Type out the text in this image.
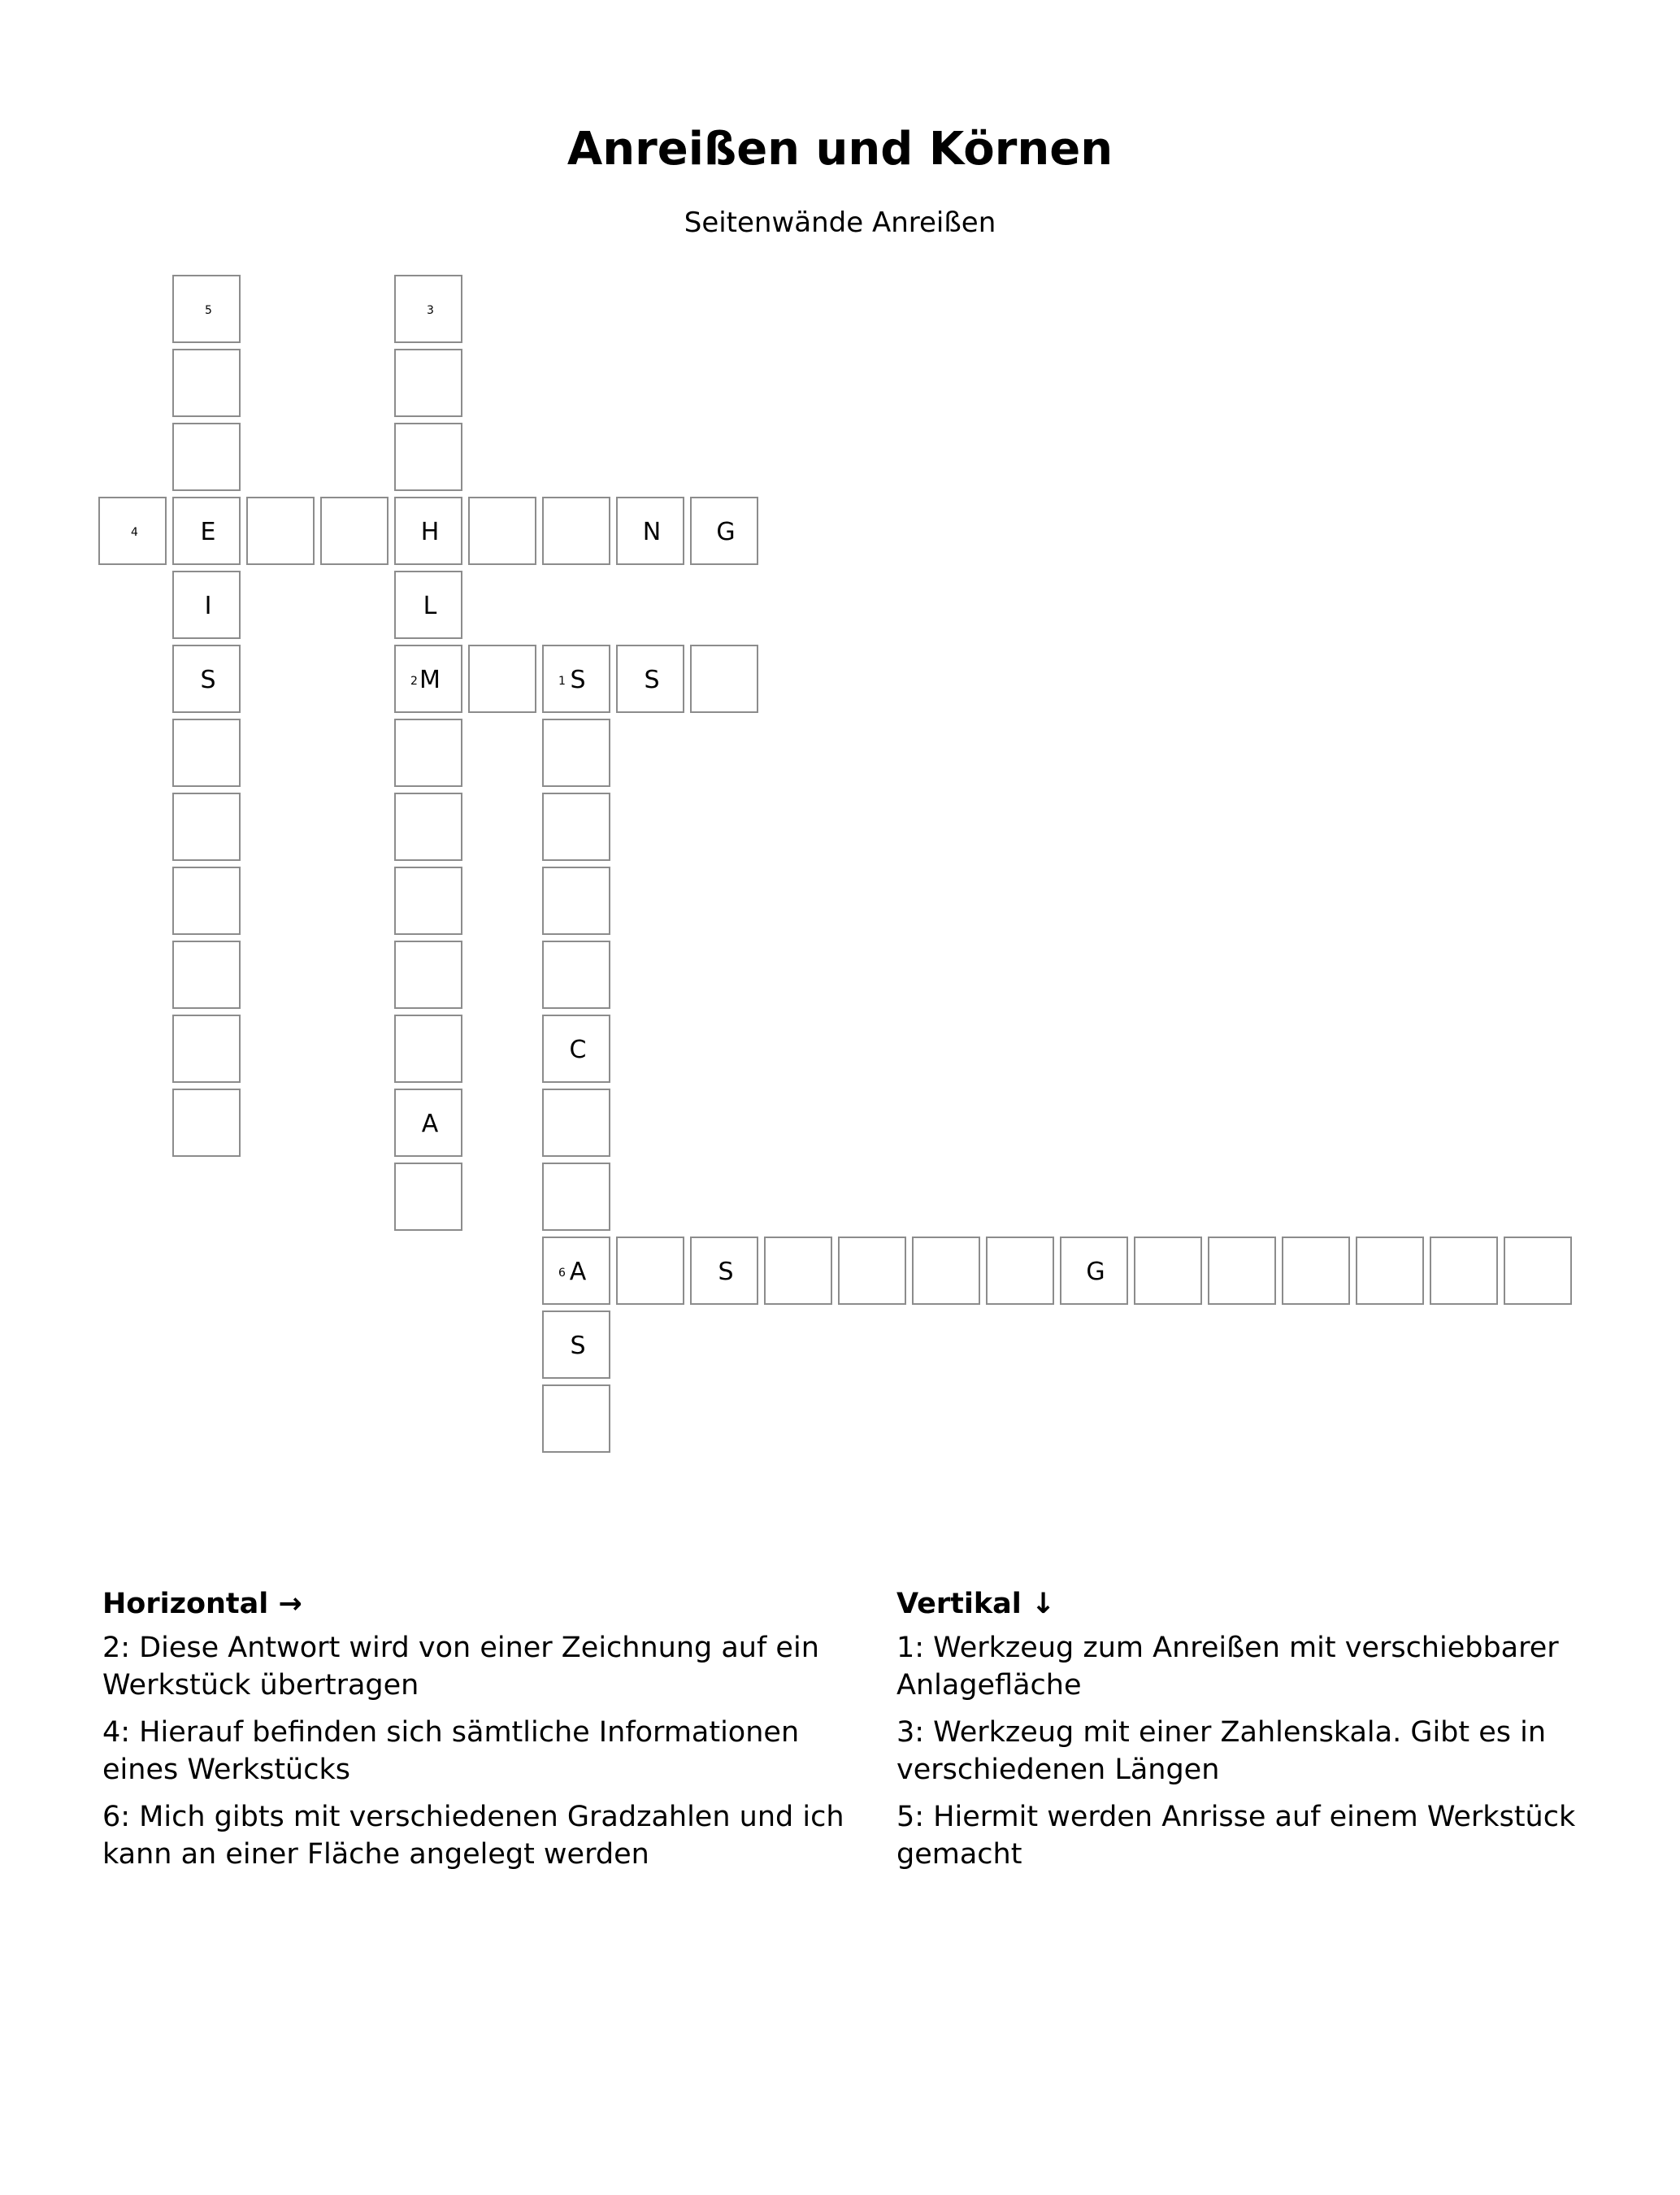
Anreißen und Körnen
Seitenwände Anreißen
5
E
I
S
3
H
L
2 M
A
4	N	G
1 S	S
C
6 A
S
S	G
Horizontal →

2: Diese Antwort wird von einer Zeichnung auf ein Werkstück übertragen

4: Hierauf befinden sich sämtliche Informationen eines Werkstücks

6: Mich gibts mit verschiedenen Gradzahlen und ich kann an einer Fläche angelegt werden

Vertikal ↓

1: Werkzeug zum Anreißen mit verschiebbarer Anlagefläche

3: Werkzeug mit einer Zahlenskala. Gibt es in verschiedenen Längen

5: Hiermit werden Anrisse auf einem Werkstück gemacht
